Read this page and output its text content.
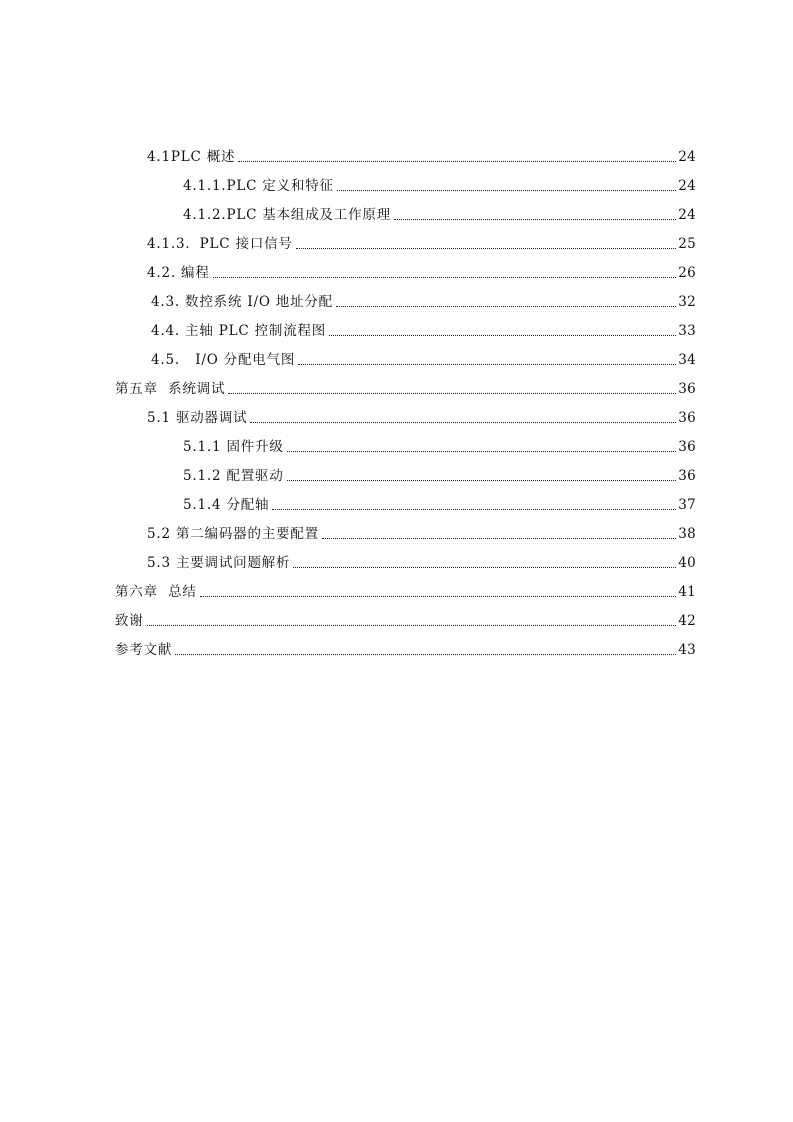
4.1PLC 概述	24
4.1.1.PLC 定义和特征	24
4.1.2.PLC 基本组成及工作原理	24
4.1.3．PLC 接口信号	25
4.2. 编程	26
4.3. 数控系统 I/O 地址分配	32
4.4. 主轴 PLC 控制流程图	33
4.5.   I/O 分配电气图	34
第五章  系统调试	36
5.1 驱动器调试	36
5.1.1 固件升级	36
5.1.2 配置驱动	36
5.1.4 分配轴	37
5.2 第二编码器的主要配置	38
5.3 主要调试问题解析	40
第六章  总结	41
致谢	42
参考文献	43
